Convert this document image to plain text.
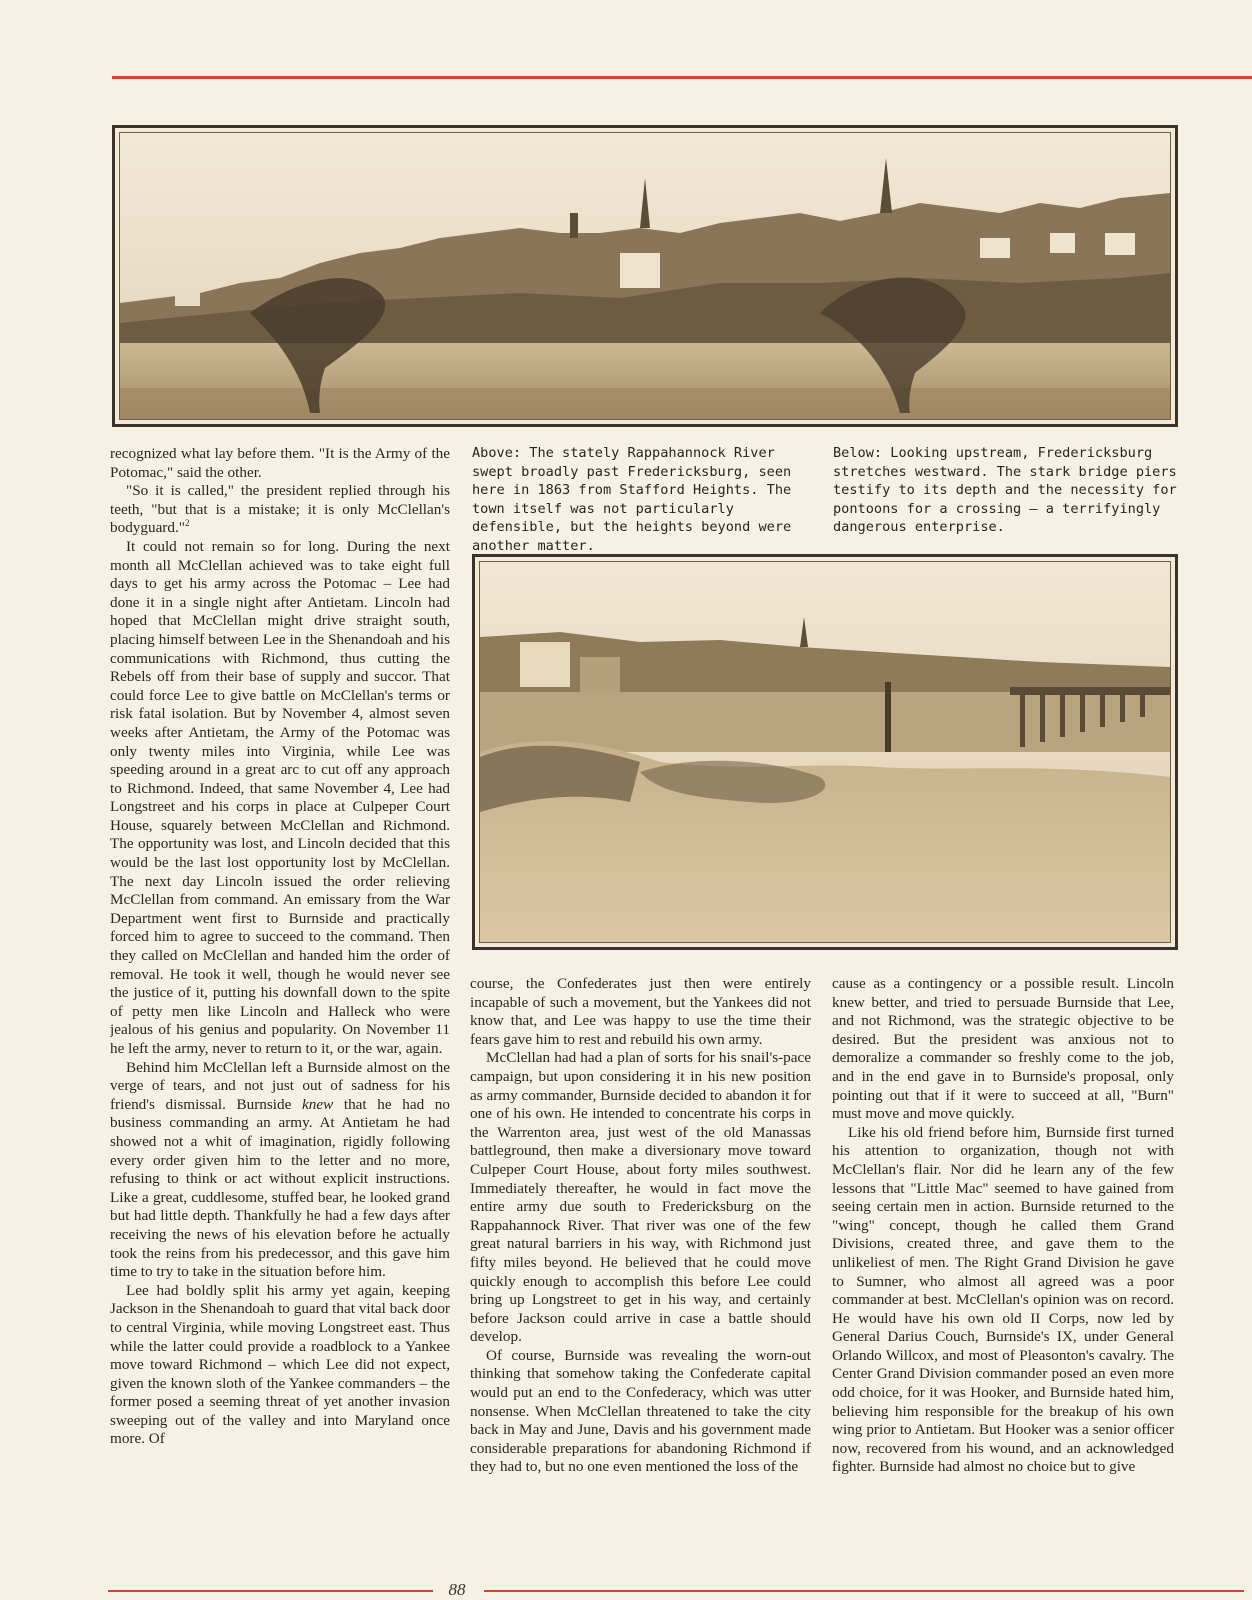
recognized what lay before them. "It is the Army of the Potomac," said the other.

"So it is called," the president replied through his teeth, "but that is a mistake; it is only McClellan's bodyguard."$^2$

It could not remain so for long. During the next month all McClellan achieved was to take eight full days to get his army across the Potomac – Lee had done it in a single night after Antietam. Lincoln had hoped that McClellan might drive straight south, placing himself between Lee in the Shenandoah and his communications with Richmond, thus cutting the Rebels off from their base of supply and succor. That could force Lee to give battle on McClellan's terms or risk fatal isolation. But by November 4, almost seven weeks after Antietam, the Army of the Potomac was only twenty miles into Virginia, while Lee was speeding around in a great arc to cut off any approach to Richmond. Indeed, that same November 4, Lee had Longstreet and his corps in place at Culpeper Court House, squarely between McClellan and Richmond. The opportunity was lost, and Lincoln decided that this would be the last lost opportunity lost by McClellan. The next day Lincoln issued the order relieving McClellan from command. An emissary from the War Department went first to Burnside and practically forced him to agree to succeed to the command. Then they called on McClellan and handed him the order of removal. He took it well, though he would never see the justice of it, putting his downfall down to the spite of petty men like Lincoln and Halleck who were jealous of his genius and popularity. On November 11 he left the army, never to return to it, or the war, again.

Behind him McClellan left a Burnside almost on the verge of tears, and not just out of sadness for his friend's dismissal. Burnside knew that he had no business commanding an army. At Antietam he had showed not a whit of imagination, rigidly following every order given him to the letter and no more, refusing to think or act without explicit instructions. Like a great, cuddlesome, stuffed bear, he looked grand but had little depth. Thankfully he had a few days after receiving the news of his elevation before he actually took the reins from his predecessor, and this gave him time to try to take in the situation before him.

Lee had boldly split his army yet again, keeping Jackson in the Shenandoah to guard that vital back door to central Virginia, while moving Longstreet east. Thus while the latter could provide a roadblock to a Yankee move toward Richmond – which Lee did not expect, given the known sloth of the Yankee commanders – the former posed a seeming threat of yet another invasion sweeping out of the valley and into Maryland once more. Of

Above: The stately Rappahannock River swept broadly past Fredericksburg, seen here in 1863 from Stafford Heights. The town itself was not particularly defensible, but the heights beyond were another matter.
Below: Looking upstream, Fredericksburg stretches westward. The stark bridge piers testify to its depth and the necessity for pontoons for a crossing – a terrifyingly dangerous enterprise.

course, the Confederates just then were entirely incapable of such a movement, but the Yankees did not know that, and Lee was happy to use the time their fears gave him to rest and rebuild his own army.

McClellan had had a plan of sorts for his snail's-pace campaign, but upon considering it in his new position as army commander, Burnside decided to abandon it for one of his own. He intended to concentrate his corps in the Warrenton area, just west of the old Manassas battleground, then make a diversionary move toward Culpeper Court House, about forty miles southwest. Immediately thereafter, he would in fact move the entire army due south to Fredericksburg on the Rappahannock River. That river was one of the few great natural barriers in his way, with Richmond just fifty miles beyond. He believed that he could move quickly enough to accomplish this before Lee could bring up Longstreet to get in his way, and certainly before Jackson could arrive in case a battle should develop.

Of course, Burnside was revealing the worn-out thinking that somehow taking the Confederate capital would put an end to the Confederacy, which was utter nonsense. When McClellan threatened to take the city back in May and June, Davis and his government made considerable preparations for abandoning Richmond if they had to, but no one even mentioned the loss of the

cause as a contingency or a possible result. Lincoln knew better, and tried to persuade Burnside that Lee, and not Richmond, was the strategic objective to be desired. But the president was anxious not to demoralize a commander so freshly come to the job, and in the end gave in to Burnside's proposal, only pointing out that if it were to succeed at all, "Burn" must move and move quickly.

Like his old friend before him, Burnside first turned his attention to organization, though not with McClellan's flair. Nor did he learn any of the few lessons that "Little Mac" seemed to have gained from seeing certain men in action. Burnside returned to the "wing" concept, though he called them Grand Divisions, created three, and gave them to the unlikeliest of men. The Right Grand Division he gave to Sumner, who almost all agreed was a poor commander at best. McClellan's opinion was on record. He would have his own old II Corps, now led by General Darius Couch, Burnside's IX, under General Orlando Willcox, and most of Pleasonton's cavalry. The Center Grand Division commander posed an even more odd choice, for it was Hooker, and Burnside hated him, believing him responsible for the breakup of his own wing prior to Antietam. But Hooker was a senior officer now, recovered from his wound, and an acknowledged fighter. Burnside had almost no choice but to give

88
